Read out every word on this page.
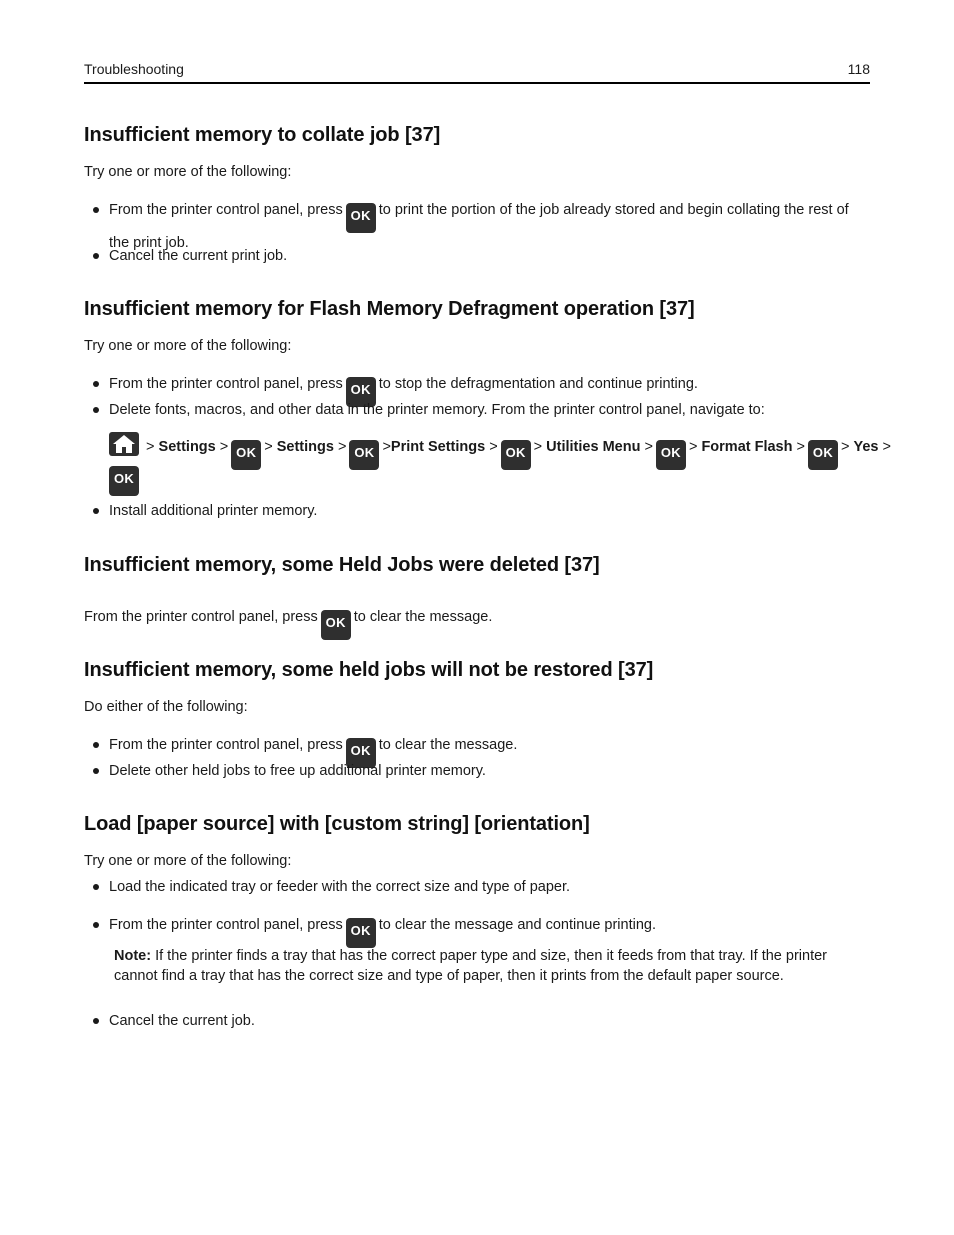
Troubleshooting	118
Insufficient memory to collate job [37]
Try one or more of the following:
From the printer control panel, press OK to print the portion of the job already stored and begin collating the rest of the print job.
Cancel the current print job.
Insufficient memory for Flash Memory Defragment operation [37]
Try one or more of the following:
From the printer control panel, press OK to stop the defragmentation and continue printing.
Delete fonts, macros, and other data in the printer memory. From the printer control panel, navigate to:
> Settings > OK > Settings > OK >Print Settings > OK > Utilities Menu > OK > Format Flash > OK > Yes >
OK
Install additional printer memory.
Insufficient memory, some Held Jobs were deleted [37]
From the printer control panel, press OK to clear the message.
Insufficient memory, some held jobs will not be restored [37]
Do either of the following:
From the printer control panel, press OK to clear the message.
Delete other held jobs to free up additional printer memory.
Load [paper source] with [custom string] [orientation]
Try one or more of the following:
Load the indicated tray or feeder with the correct size and type of paper.
From the printer control panel, press OK to clear the message and continue printing.
Note: If the printer finds a tray that has the correct paper type and size, then it feeds from that tray. If the printer cannot find a tray that has the correct size and type of paper, then it prints from the default paper source.
Cancel the current job.
